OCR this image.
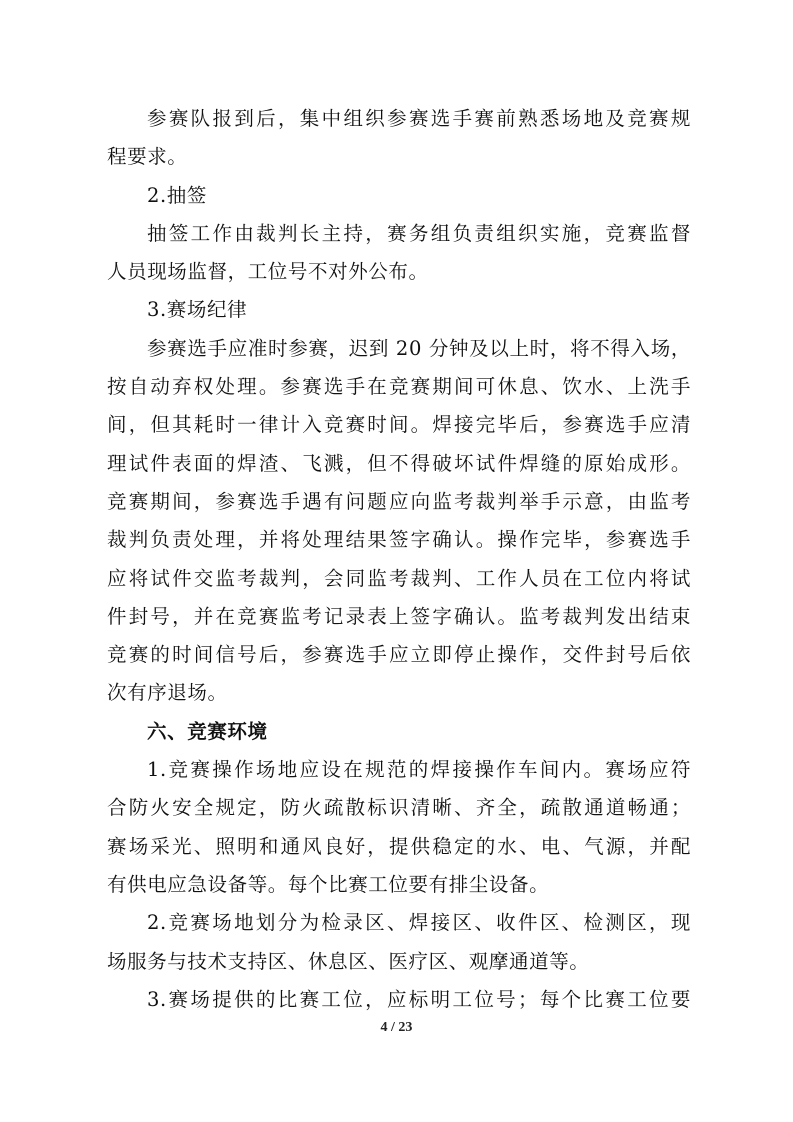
参赛队报到后，集中组织参赛选手赛前熟悉场地及竞赛规
程要求。
2.抽签
抽签工作由裁判长主持，赛务组负责组织实施，竞赛监督
人员现场监督，工位号不对外公布。
3.赛场纪律
参赛选手应准时参赛，迟到 20 分钟及以上时，将不得入场，
按自动弃权处理。参赛选手在竞赛期间可休息、饮水、上洗手
间，但其耗时一律计入竞赛时间。焊接完毕后，参赛选手应清
理试件表面的焊渣、飞溅，但不得破坏试件焊缝的原始成形。
竞赛期间，参赛选手遇有问题应向监考裁判举手示意，由监考
裁判负责处理，并将处理结果签字确认。操作完毕，参赛选手
应将试件交监考裁判，会同监考裁判、工作人员在工位内将试
件封号，并在竞赛监考记录表上签字确认。监考裁判发出结束
竞赛的时间信号后，参赛选手应立即停止操作，交件封号后依
次有序退场。
六、竞赛环境
1.竞赛操作场地应设在规范的焊接操作车间内。赛场应符
合防火安全规定，防火疏散标识清晰、齐全，疏散通道畅通；
赛场采光、照明和通风良好，提供稳定的水、电、气源，并配
有供电应急设备等。每个比赛工位要有排尘设备。
2.竞赛场地划分为检录区、焊接区、收件区、检测区，现
场服务与技术支持区、休息区、医疗区、观摩通道等。
3.赛场提供的比赛工位，应标明工位号；每个比赛工位要
4 / 23
